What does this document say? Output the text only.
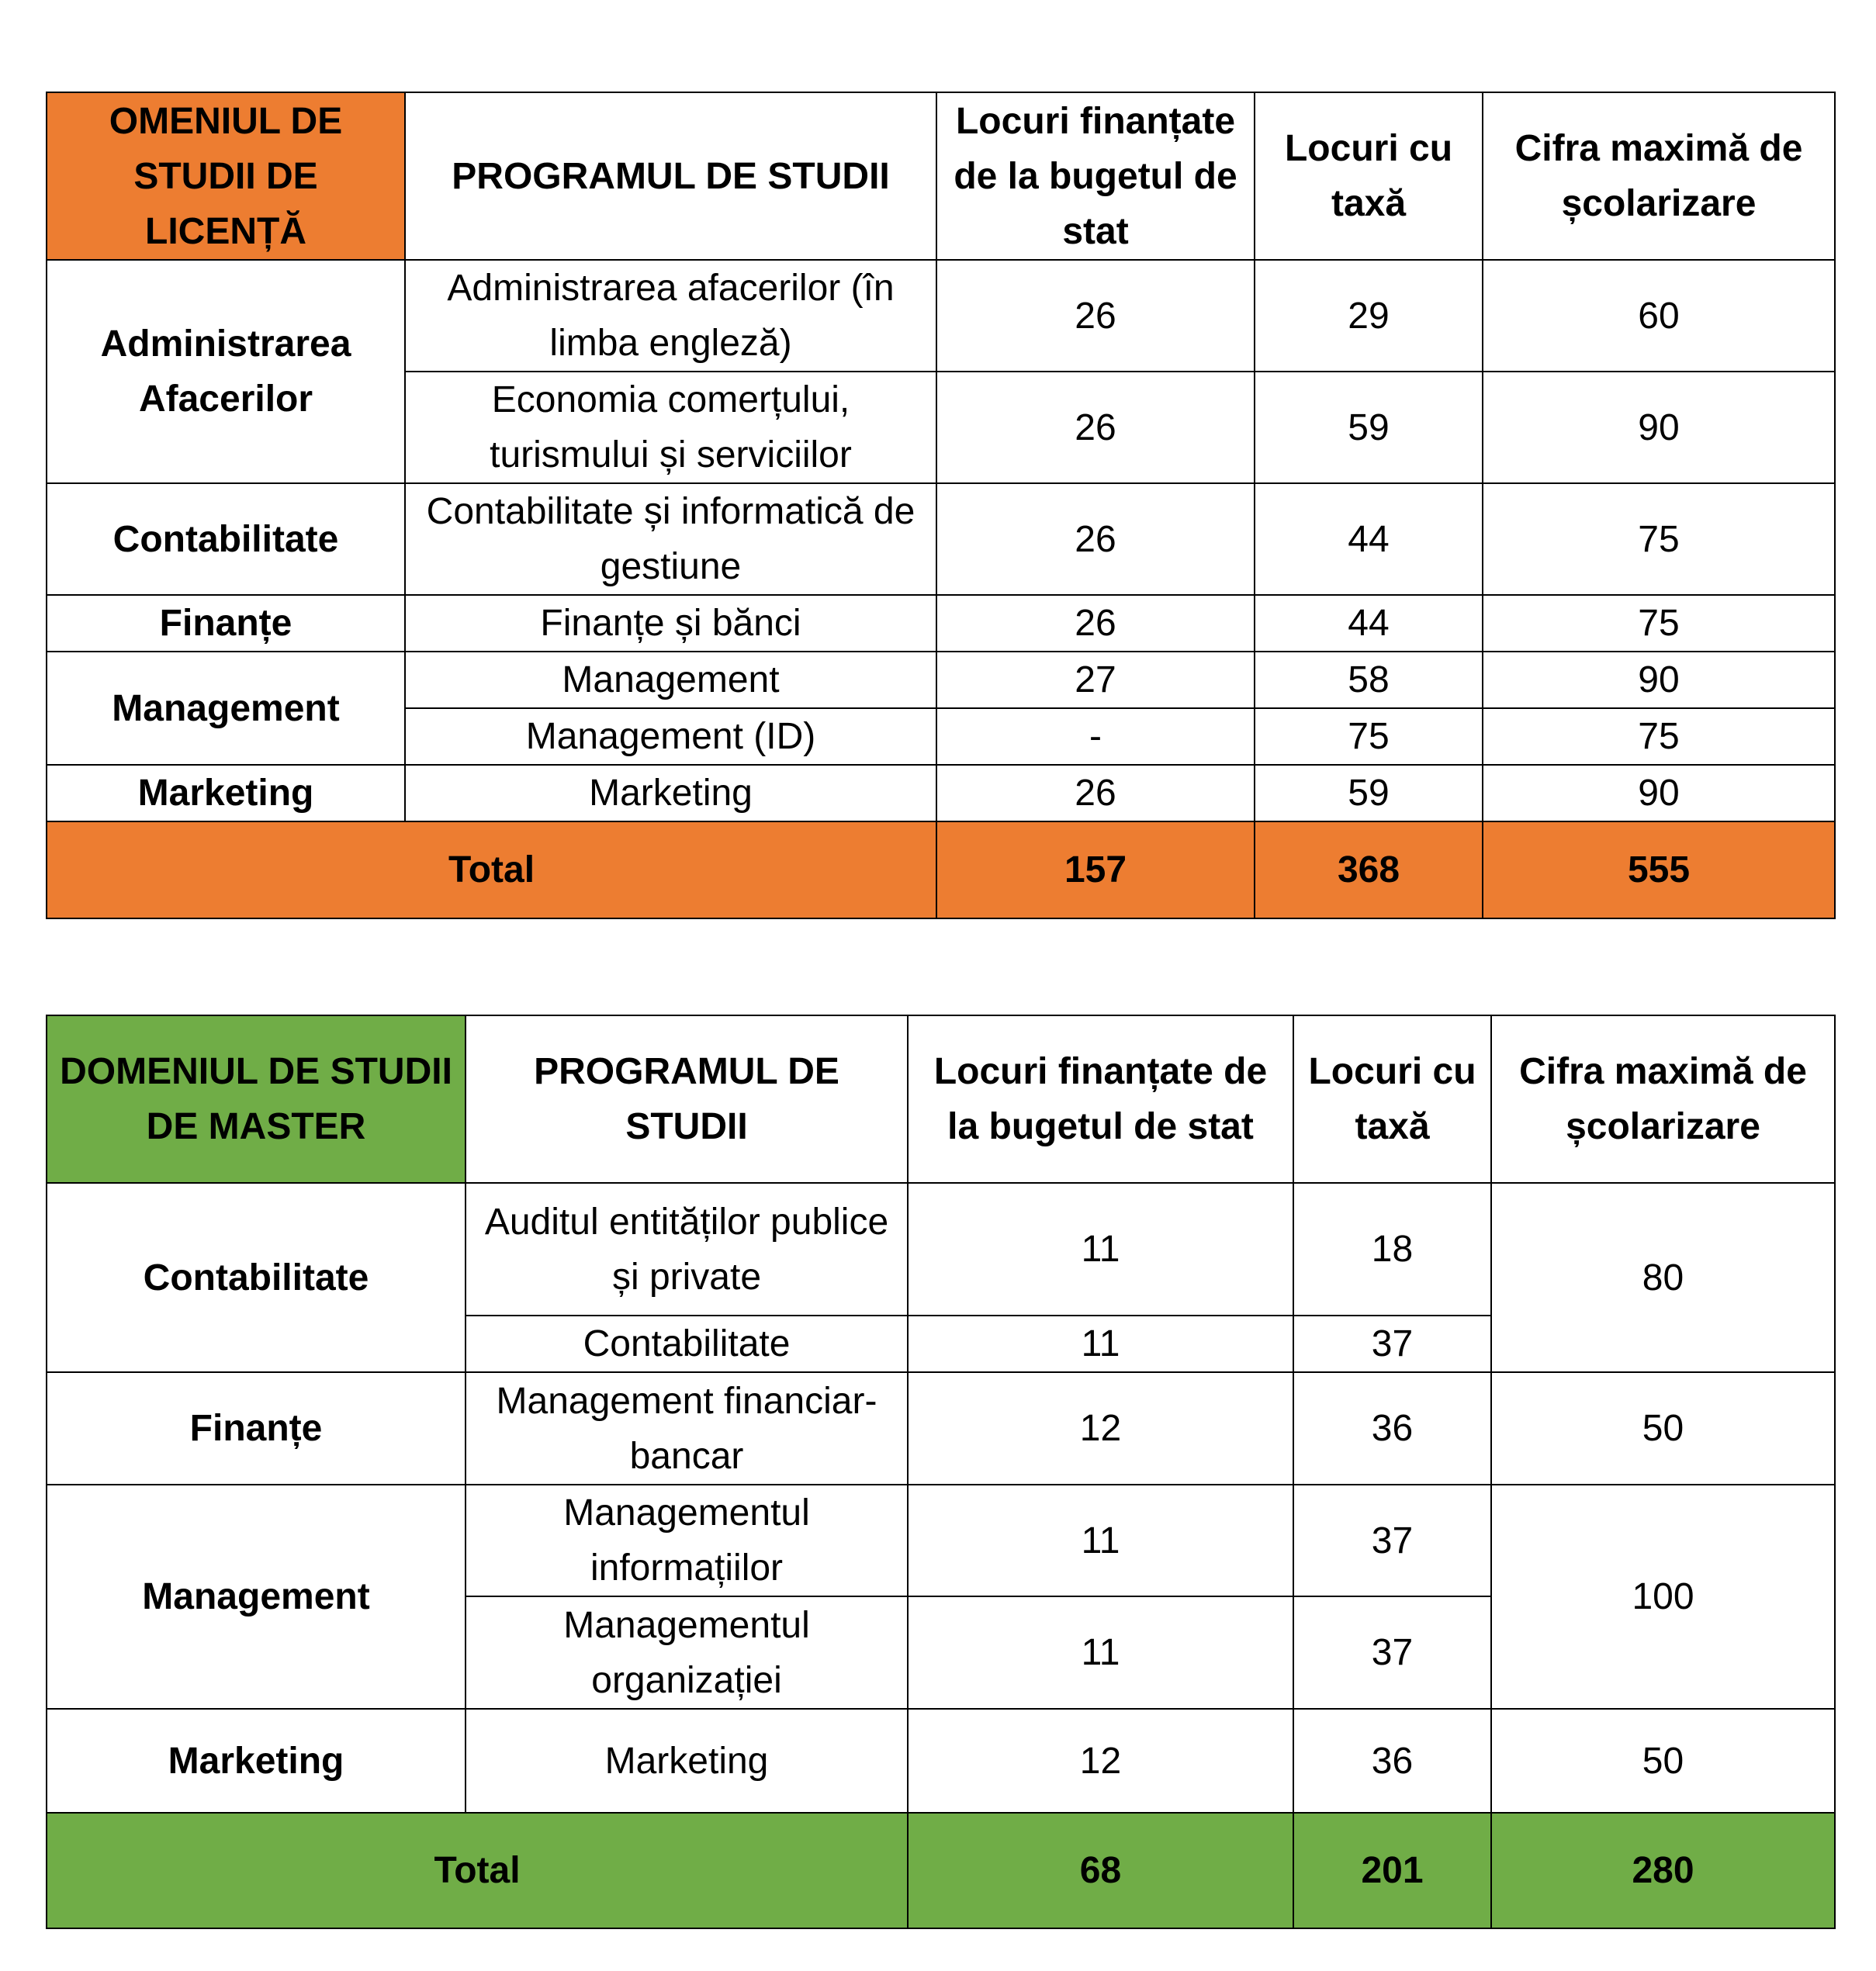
OMENIUL DE STUDII DE LICENȚĂ	PROGRAMUL DE STUDII	Locuri finanțate de la bugetul de stat	Locuri cu taxă	Cifra maximă de școlarizare
Administrarea Afacerilor	Administrarea afacerilor (în limba engleză)	26	29	60
	Economia comerțului, turismului și serviciilor	26	59	90
Contabilitate	Contabilitate și informatică de gestiune	26	44	75
Finanțe	Finanțe și bănci	26	44	75
Management	Management	27	58	90
	Management (ID)	-	75	75
Marketing	Marketing	26	59	90
Total		157	368	555
DOMENIUL DE STUDII DE MASTER	PROGRAMUL DE STUDII	Locuri finanțate de la bugetul de stat	Locuri cu taxă	Cifra maximă de școlarizare
Contabilitate	Auditul entităților publice și private	11	18	80
	Contabilitate	11	37	
Finanțe	Management financiar-bancar	12	36	50
Management	Managementul informațiilor	11	37	100
	Managementul organizației	11	37	
Marketing	Marketing	12	36	50
Total		68	201	280
